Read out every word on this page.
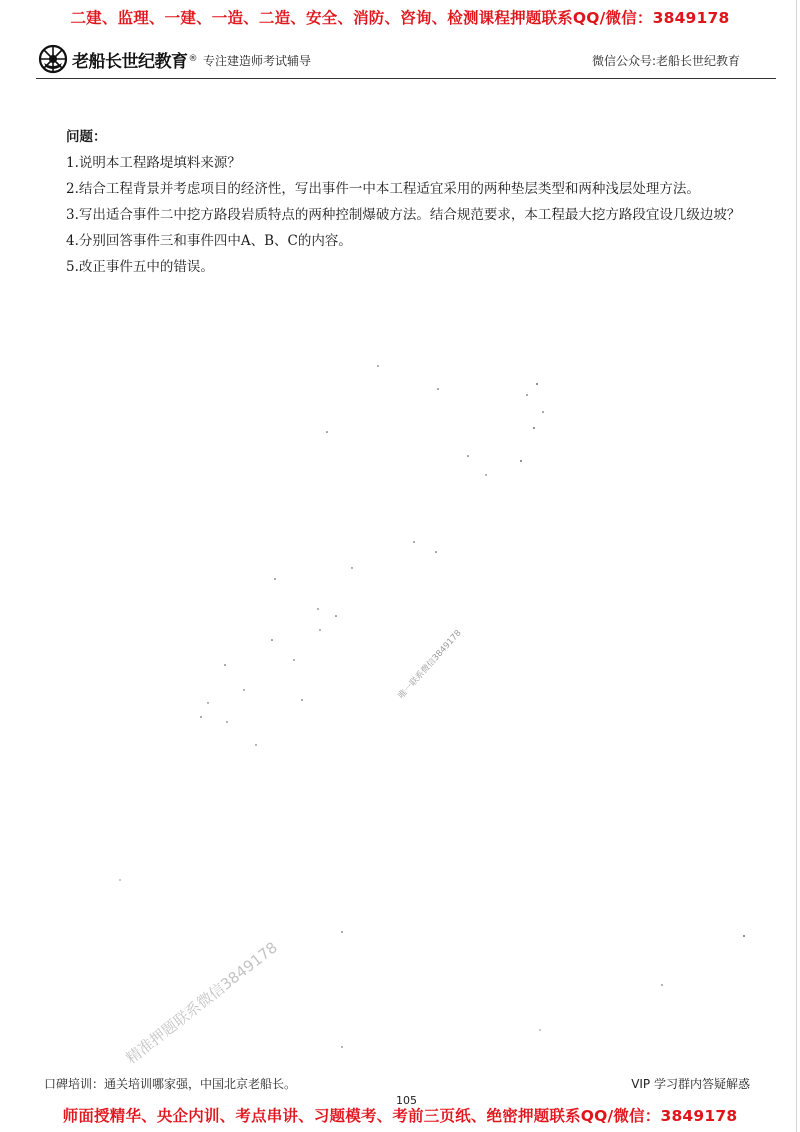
二建、监理、一建、一造、二造、安全、消防、咨询、检测课程押题联系QQ/微信：3849178
老船长世纪教育 ® 专注建造师考试辅导	微信公众号:老船长世纪教育
问题：
1.说明本工程路堤填料来源？
2.结合工程背景并考虑项目的经济性，写出事件一中本工程适宜采用的两种垫层类型和两种浅层处理方法。
3.写出适合事件二中挖方路段岩质特点的两种控制爆破方法。结合规范要求，本工程最大挖方路段宜设几级边坡？
4.分别回答事件三和事件四中A、B、C的内容。
5.改正事件五中的错误。
唯一联系微信3849178
精准押题联系微信3849178
口碑培训：通关培训哪家强，中国北京老船长。	VIP 学习群内答疑解惑
105
师面授精华、央企内训、考点串讲、习题模考、考前三页纸、绝密押题联系QQ/微信：3849178
